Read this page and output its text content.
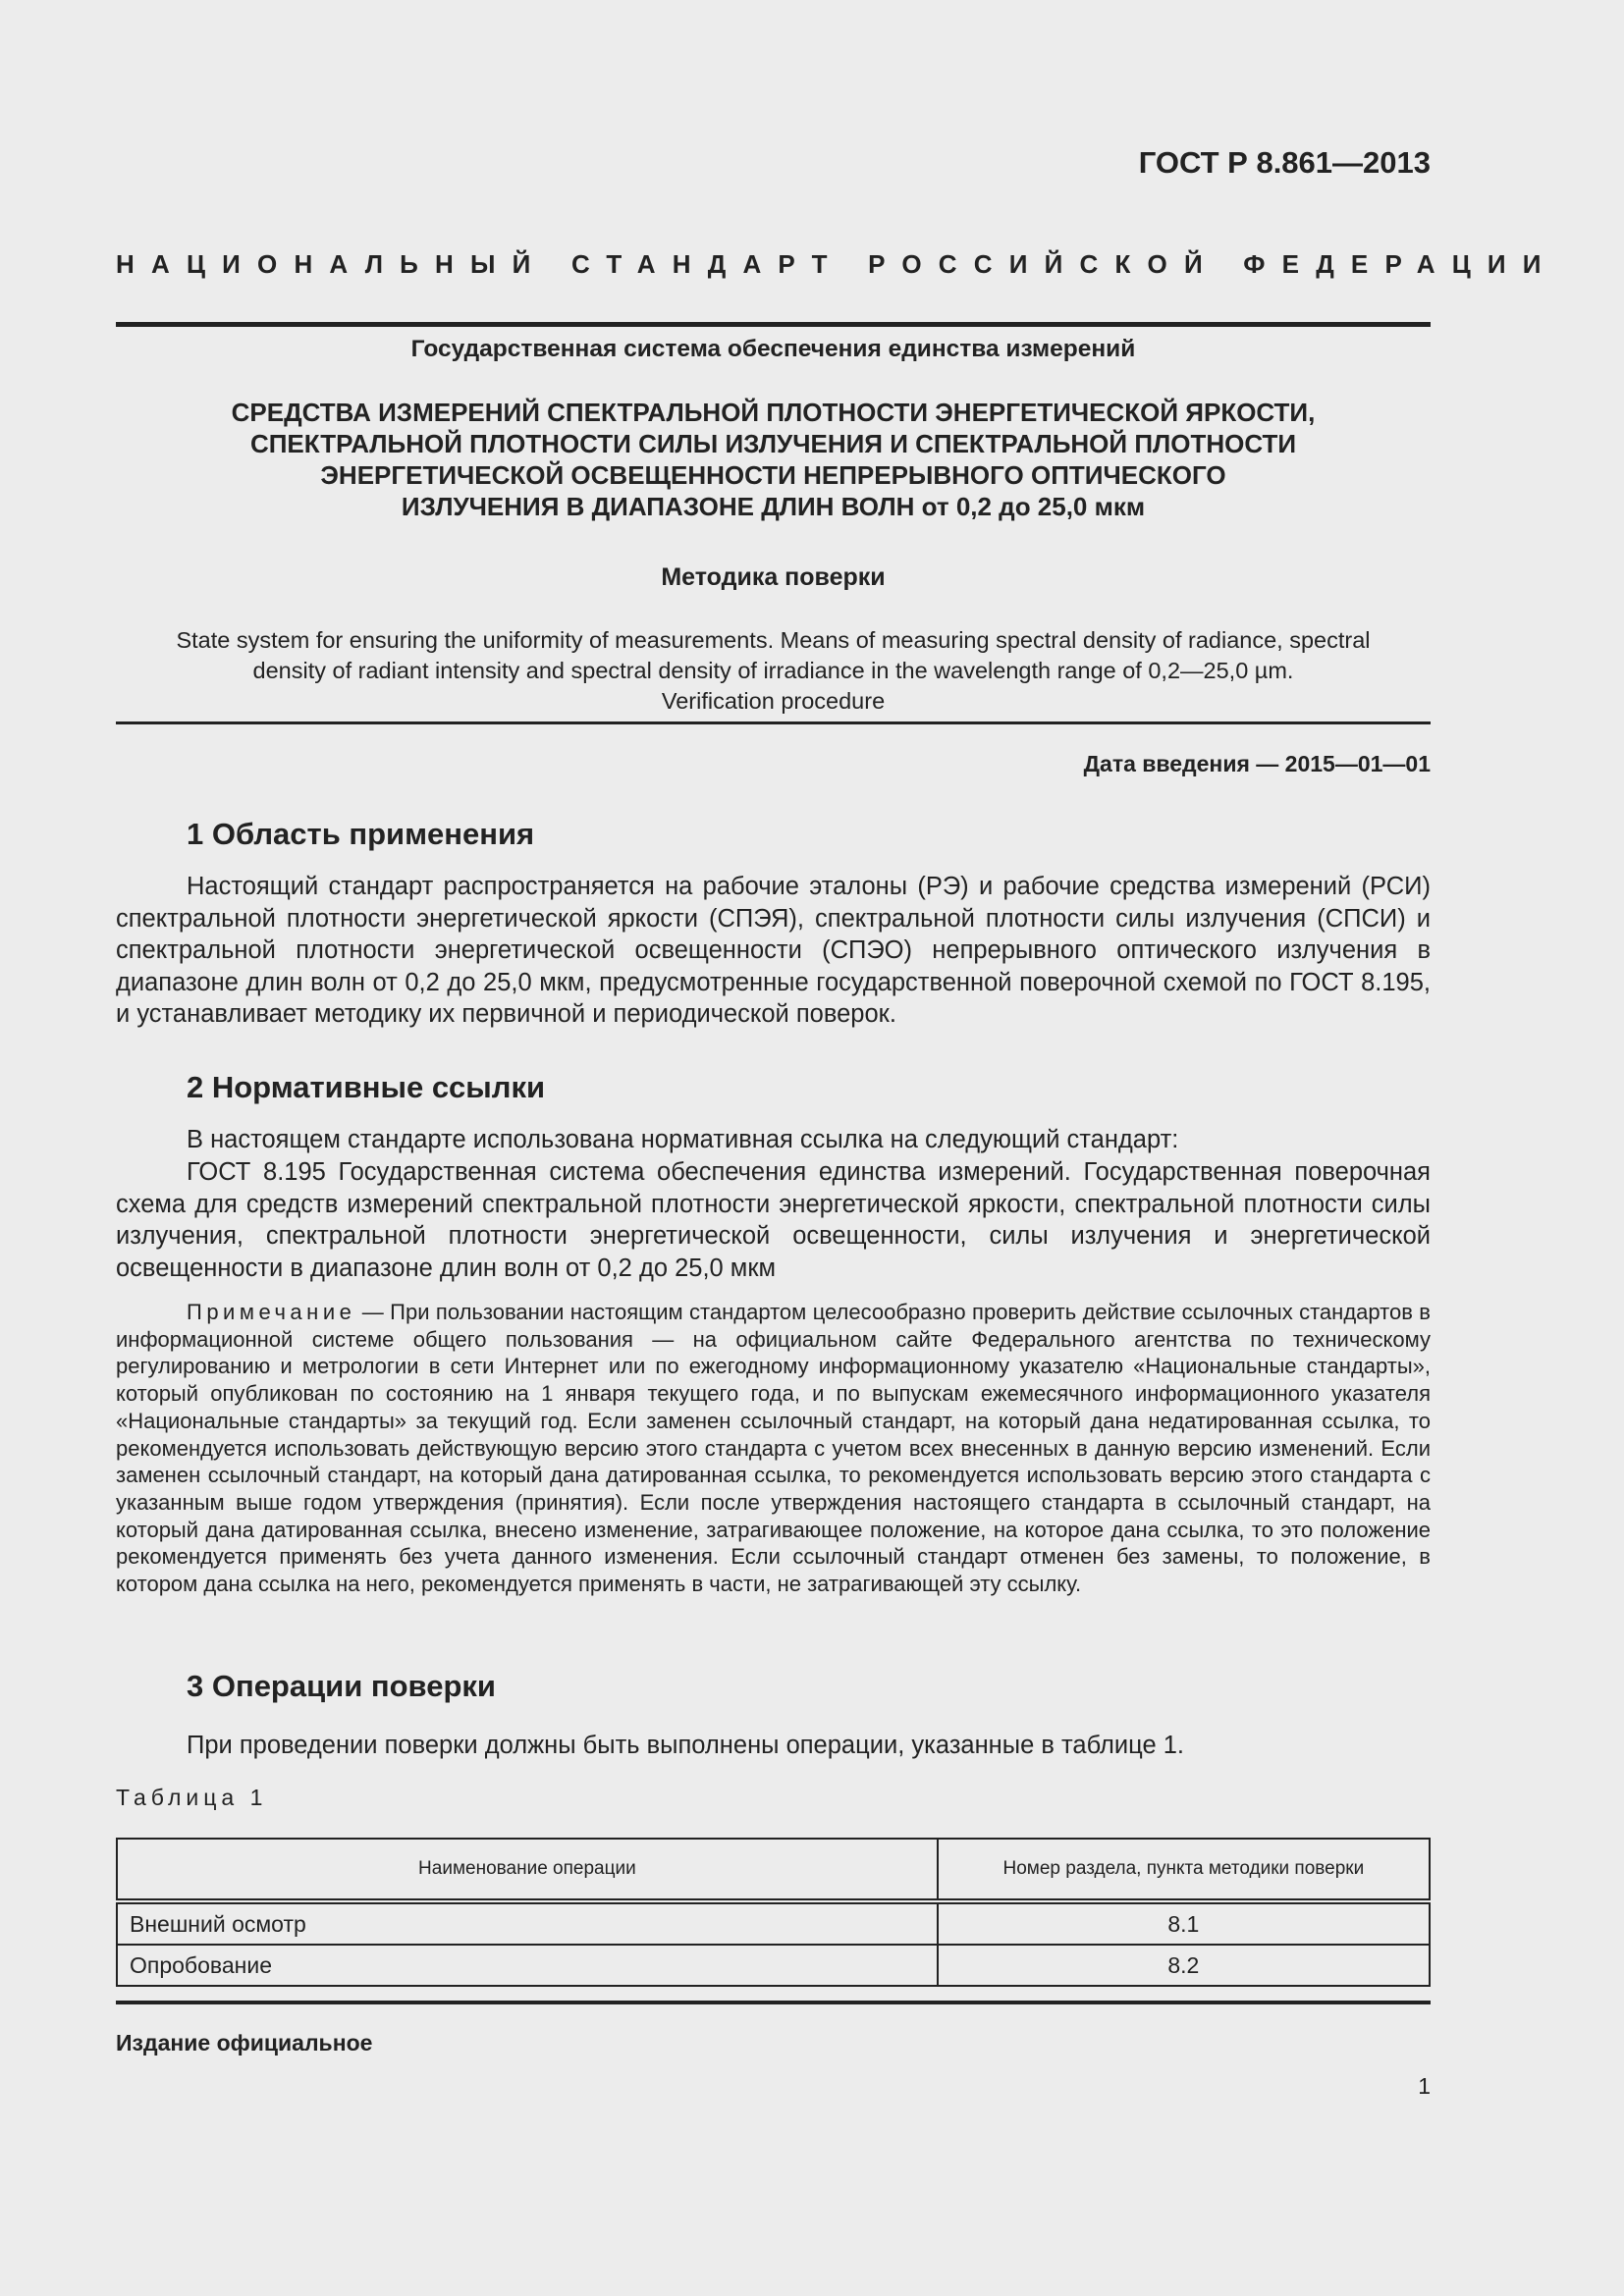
ГОСТ Р 8.861—2013
НАЦИОНАЛЬНЫЙ СТАНДАРТ РОССИЙСКОЙ ФЕДЕРАЦИИ
Государственная система обеспечения единства измерений
СРЕДСТВА ИЗМЕРЕНИЙ СПЕКТРАЛЬНОЙ ПЛОТНОСТИ ЭНЕРГЕТИЧЕСКОЙ ЯРКОСТИ,
СПЕКТРАЛЬНОЙ ПЛОТНОСТИ СИЛЫ ИЗЛУЧЕНИЯ И СПЕКТРАЛЬНОЙ ПЛОТНОСТИ
ЭНЕРГЕТИЧЕСКОЙ ОСВЕЩЕННОСТИ НЕПРЕРЫВНОГО ОПТИЧЕСКОГО
ИЗЛУЧЕНИЯ В ДИАПАЗОНЕ ДЛИН ВОЛН от 0,2 до 25,0 мкм
Методика поверки
State system for ensuring the uniformity of measurements. Means of measuring spectral density of radiance, spectral
density of radiant intensity and spectral density of irradiance in the wavelength range of 0,2—25,0 µm.
Verification procedure
Дата введения — 2015—01—01
1 Область применения
Настоящий стандарт распространяется на рабочие эталоны (РЭ) и рабочие средства измерений (РСИ) спектральной плотности энергетической яркости (СПЭЯ), спектральной плотности силы излучения (СПСИ) и спектральной плотности энергетической освещенности (СПЭО) непрерывного оптического излучения в диапазоне длин волн от 0,2 до 25,0 мкм, предусмотренные государственной поверочной схемой по ГОСТ 8.195, и устанавливает методику их первичной и периодической поверок.
2 Нормативные ссылки
В настоящем стандарте использована нормативная ссылка на следующий стандарт:
ГОСТ 8.195 Государственная система обеспечения единства измерений. Государственная поверочная схема для средств измерений спектральной плотности энергетической яркости, спектральной плотности силы излучения, спектральной плотности энергетической освещенности, силы излучения и энергетической освещенности в диапазоне длин волн от 0,2 до 25,0 мкм
Примечание — При пользовании настоящим стандартом целесообразно проверить действие ссылочных стандартов в информационной системе общего пользования — на официальном сайте Федерального агентства по техническому регулированию и метрологии в сети Интернет или по ежегодному информационному указателю «Национальные стандарты», который опубликован по состоянию на 1 января текущего года, и по выпускам ежемесячного информационного указателя «Национальные стандарты» за текущий год. Если заменен ссылочный стандарт, на который дана недатированная ссылка, то рекомендуется использовать действующую версию этого стандарта с учетом всех внесенных в данную версию изменений. Если заменен ссылочный стандарт, на который дана датированная ссылка, то рекомендуется использовать версию этого стандарта с указанным выше годом утверждения (принятия). Если после утверждения настоящего стандарта в ссылочный стандарт, на который дана датированная ссылка, внесено изменение, затрагивающее положение, на которое дана ссылка, то это положение рекомендуется применять без учета данного изменения. Если ссылочный стандарт отменен без замены, то положение, в котором дана ссылка на него, рекомендуется применять в части, не затрагивающей эту ссылку.
3 Операции поверки
При проведении поверки должны быть выполнены операции, указанные в таблице 1.
Таблица 1
Наименование операции	Номер раздела, пункта методики поверки
Внешний осмотр	8.1
Опробование	8.2
Издание официальное
1
